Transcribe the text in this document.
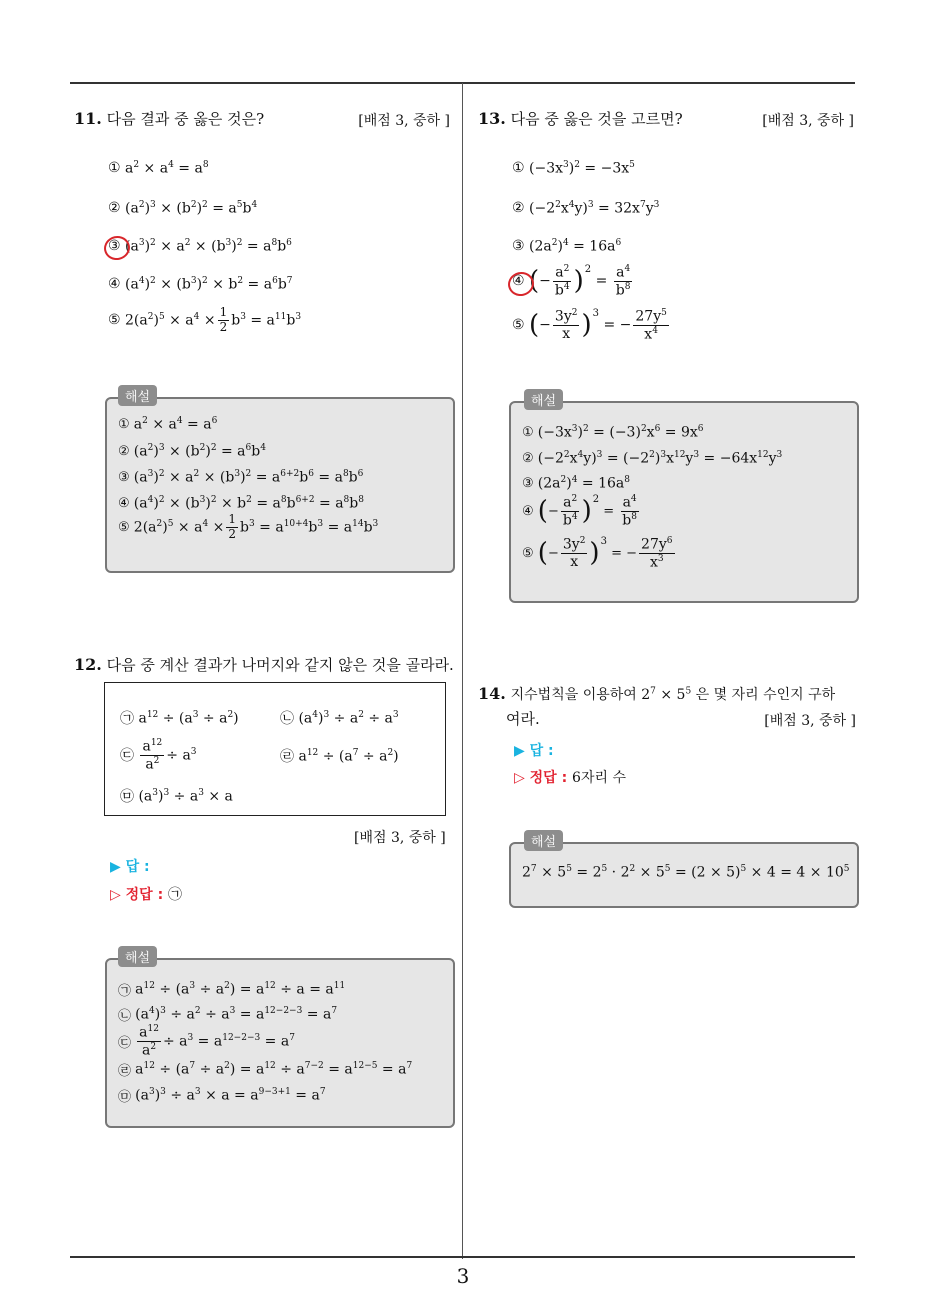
11. 다음 결과 중 옳은 것은?	[배점 3, 중하 ]
①
$a^2 \times a^4 = a^8$
②
$(a^2)^3 \times (b^2)^2 = a^5b^4$
③
$(a^3)^2 \times a^2 \times (b^3)^2 = a^8b^6$
④
$(a^4)^2 \times (b^3)^2 \times b^2 = a^6b^7$
⑤
$2(a^2)^5 \times a^4 \times \frac{1}{2} b^3 = a^{11}b^3$
해설
①
$a^2 \times a^4 = a^6$
②
$(a^2)^3 \times (b^2)^2 = a^6b^4$
③
$(a^3)^2 \times a^2 \times (b^3)^2 = a^{6+2}b^6 = a^8b^6$
④
$(a^4)^2 \times (b^3)^2 \times b^2 = a^8b^{6+2} = a^8b^8$
⑤
$2(a^2)^5 \times a^4 \times \frac{1}{2} b^3 = a^{10+4}b^3 = a^{14}b^3$
12. 다음 중 계산 결과가 나머지와 같지 않은 것을 골라라.
㉠
$a^{12} \div (a^3 \div a^2)$	㉡
$(a^4)^3 \div a^2 \div a^3$
㉢
$\frac{a^{12}}{a^2} \div a^3$	㉣
$a^{12} \div (a^7 \div a^2)$
㉤
$(a^3)^3 \div a^3 \times a$
[배점 3, 중하 ]
▶ 답 :
▷ 정답 : ㉠
해설
㉠
$a^{12} \div (a^3 \div a^2) = a^{12} \div a = a^{11}$
㉡
$(a^4)^3 \div a^2 \div a^3 = a^{12-2-3} = a^7$
㉢
$\frac{a^{12}}{a^2} \div a^3 = a^{12-2-3} = a^7$
㉣
$a^{12} \div (a^7 \div a^2) = a^{12} \div a^{7-2} = a^{12-5} = a^7$
㉤
$(a^3)^3 \div a^3 \times a = a^{9-3+1} = a^7$
13. 다음 중 옳은 것을 고르면?	[배점 3, 중하 ]
①
$(-3x^3)^2 = -3x^5$
②
$(-2^2x^4y)^3 = 32x^7y^3$
③
$(2a^2)^4 = 16a^6$
④
( − $\frac{a^2}{b^4}$ ) 2
= $\frac{a^4}{b^8}$
⑤
( − $\frac{3y^2}{x}$ ) 3
= − $\frac{27y^5}{x^4}$
해설
①
$(-3x^3)^2 = (-3)^2x^6 = 9x^6$
②
$(-2^2x^4y)^3 = (-2^2)^3x^{12}y^3 = -64x^{12}y^3$
③
$(2a^2)^4 = 16a^8$
④
( − $\frac{a^2}{b^4}$ ) 2
= $\frac{a^4}{b^8}$
⑤
( − $\frac{3y^2}{x}$ ) 3
= − $\frac{27y^6}{x^3}$
14. 지수법칙을 이용하여 $2^7 \times 5^5$ 은 몇 자리 수인지 구하
여라.	[배점 3, 중하 ]
▶ 답 :
▷ 정답 : 6자리 수
해설
$2^7 \times 5^5 = 2^5 \cdot 2^2 \times 5^5 = (2 \times 5)^5 \times 4 = 4 \times 10^5$
3
